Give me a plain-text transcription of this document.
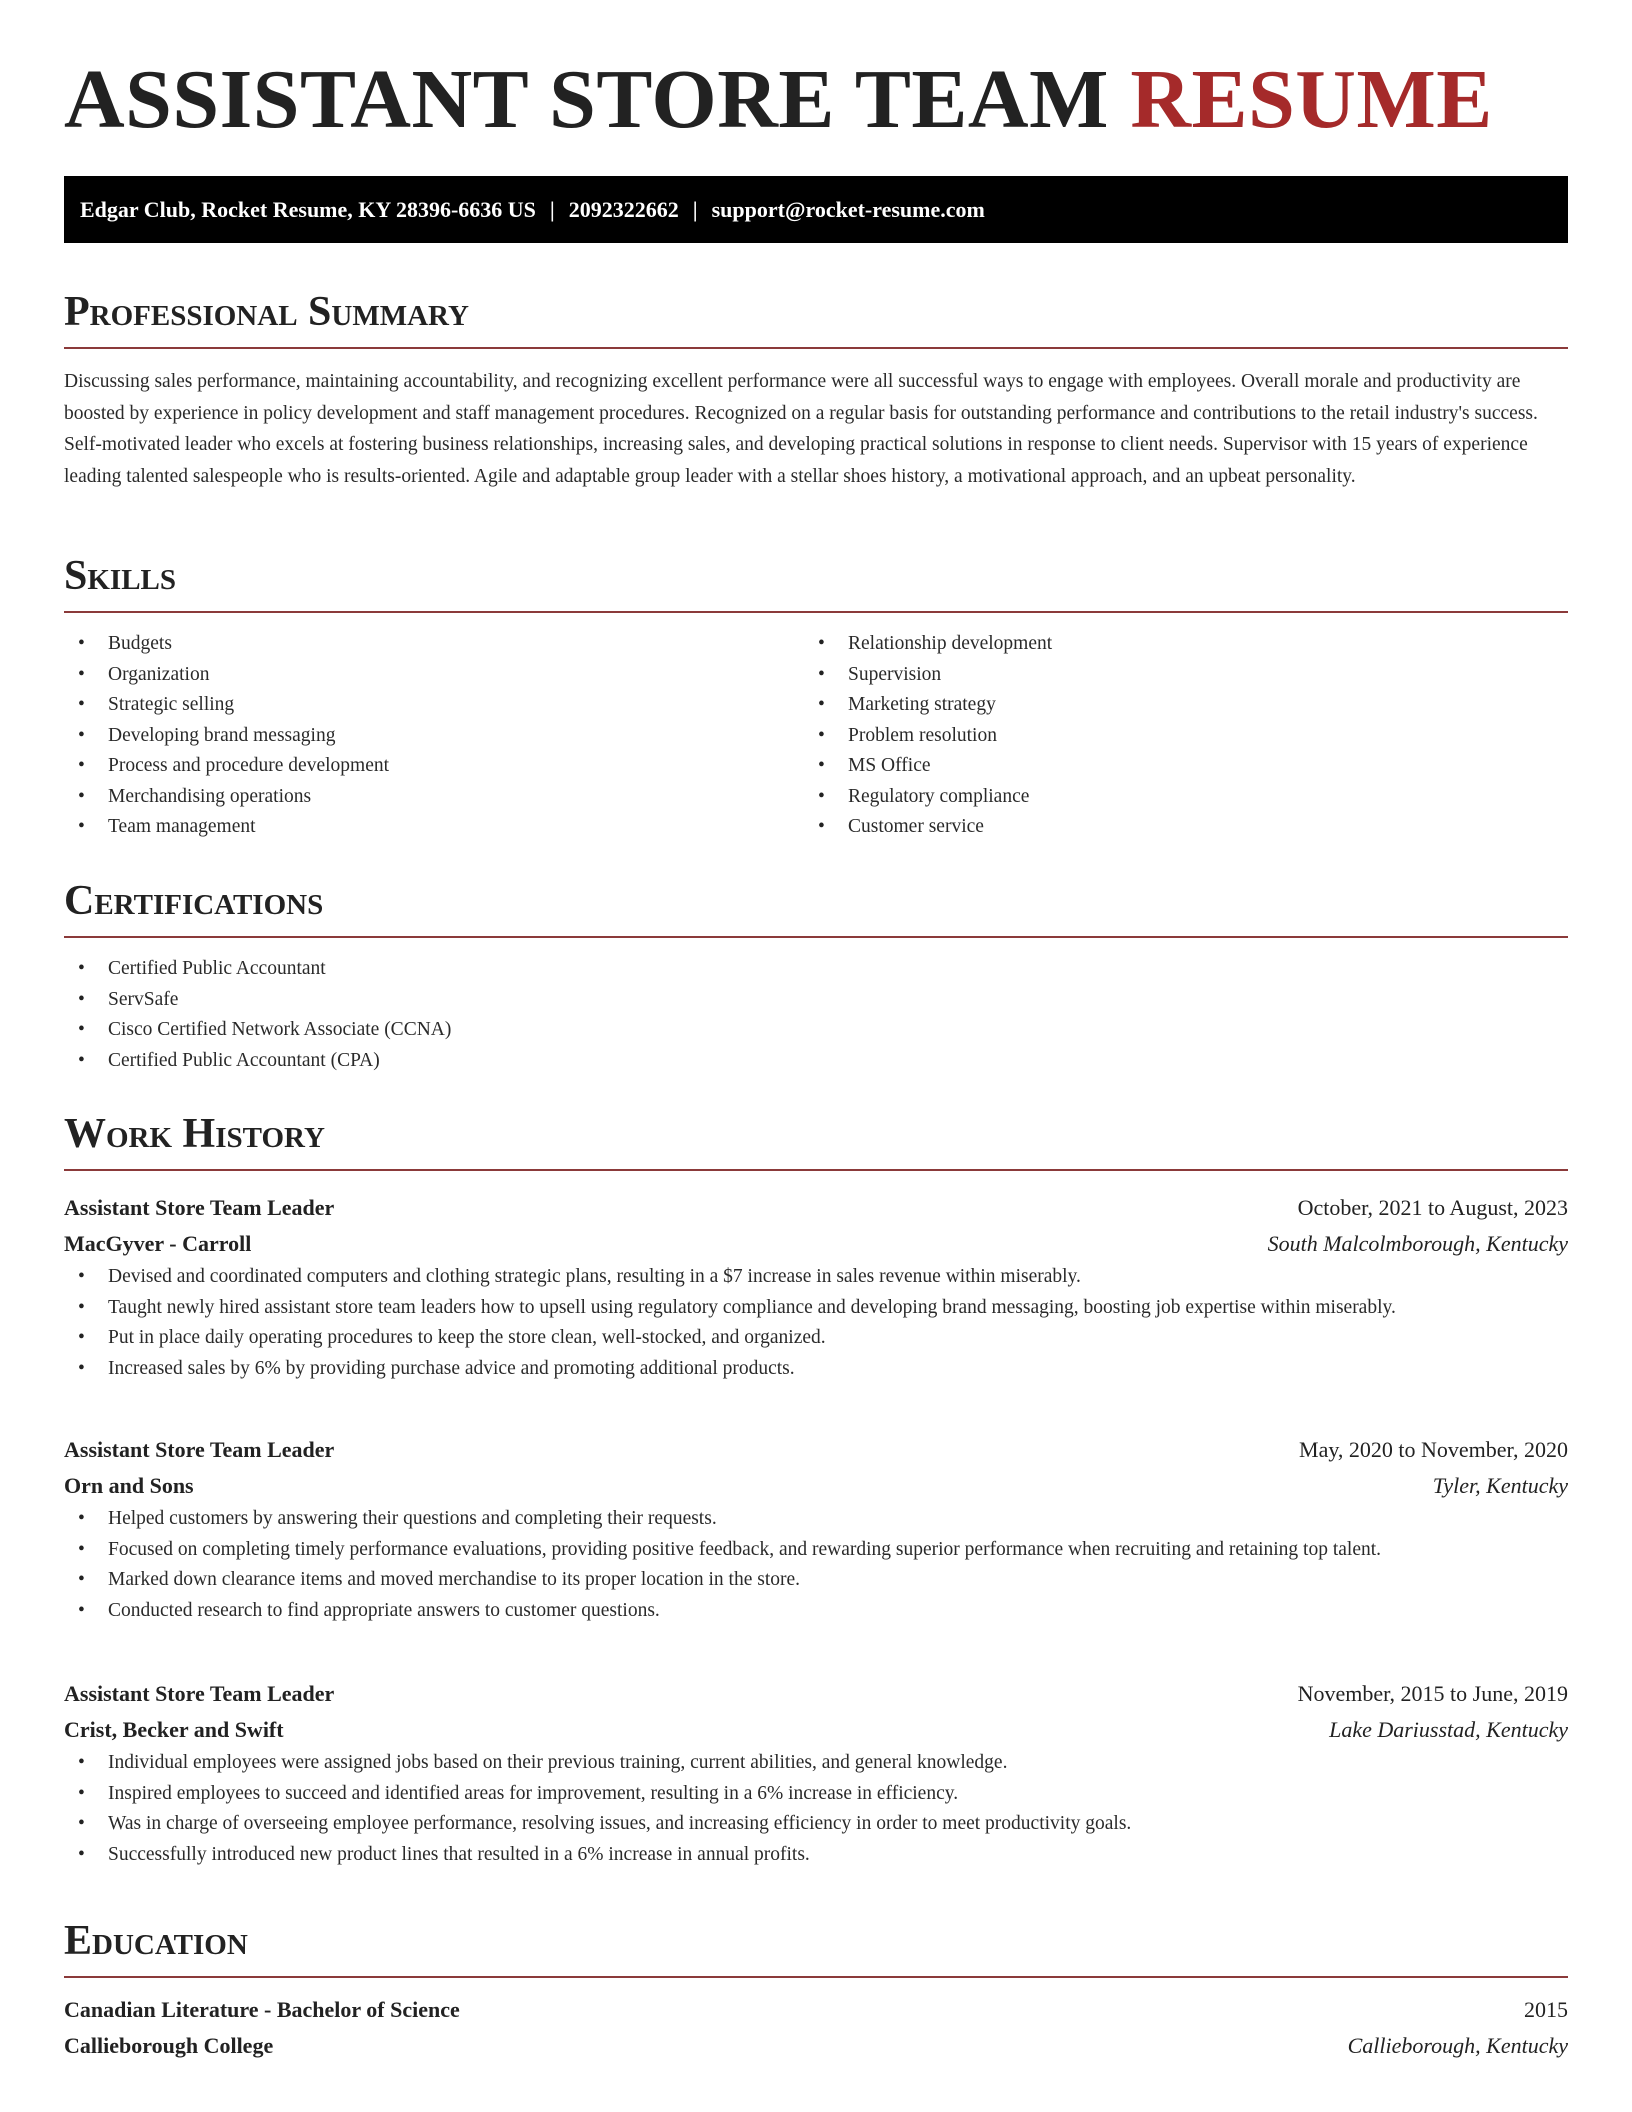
ASSISTANT STORE TEAM RESUME
Edgar Club, Rocket Resume, KY 28396-6636 US | 2092322662 | support@rocket-resume.com
Professional Summary

Discussing sales performance, maintaining accountability, and recognizing excellent performance were all successful ways to engage with employees. Overall morale and productivity are boosted by experience in policy development and staff management procedures. Recognized on a regular basis for outstanding performance and contributions to the retail industry's success. Self-motivated leader who excels at fostering business relationships, increasing sales, and developing practical solutions in response to client needs. Supervisor with 15 years of experience leading talented salespeople who is results-oriented. Agile and adaptable group leader with a stellar shoes history, a motivational approach, and an upbeat personality.

Skills
• Budgets
• Organization
• Strategic selling
• Developing brand messaging
• Process and procedure development
• Merchandising operations
• Team management
• Relationship development
• Supervision
• Marketing strategy
• Problem resolution
• MS Office
• Regulatory compliance
• Customer service
Certifications
• Certified Public Accountant
• ServSafe
• Cisco Certified Network Associate (CCNA)
• Certified Public Accountant (CPA)
Work History
Assistant Store Team Leader	October, 2021 to August, 2023
MacGyver - Carroll	South Malcolmborough, Kentucky
• Devised and coordinated computers and clothing strategic plans, resulting in a $7 increase in sales revenue within miserably.
• Taught newly hired assistant store team leaders how to upsell using regulatory compliance and developing brand messaging, boosting job expertise within miserably.
• Put in place daily operating procedures to keep the store clean, well-stocked, and organized.
• Increased sales by 6% by providing purchase advice and promoting additional products.
Assistant Store Team Leader	May, 2020 to November, 2020
Orn and Sons	Tyler, Kentucky
• Helped customers by answering their questions and completing their requests.
• Focused on completing timely performance evaluations, providing positive feedback, and rewarding superior performance when recruiting and retaining top talent.
• Marked down clearance items and moved merchandise to its proper location in the store.
• Conducted research to find appropriate answers to customer questions.
Assistant Store Team Leader	November, 2015 to June, 2019
Crist, Becker and Swift	Lake Dariusstad, Kentucky
• Individual employees were assigned jobs based on their previous training, current abilities, and general knowledge.
• Inspired employees to succeed and identified areas for improvement, resulting in a 6% increase in efficiency.
• Was in charge of overseeing employee performance, resolving issues, and increasing efficiency in order to meet productivity goals.
• Successfully introduced new product lines that resulted in a 6% increase in annual profits.
Education
Canadian Literature - Bachelor of Science	2015
Callieborough College	Callieborough, Kentucky
